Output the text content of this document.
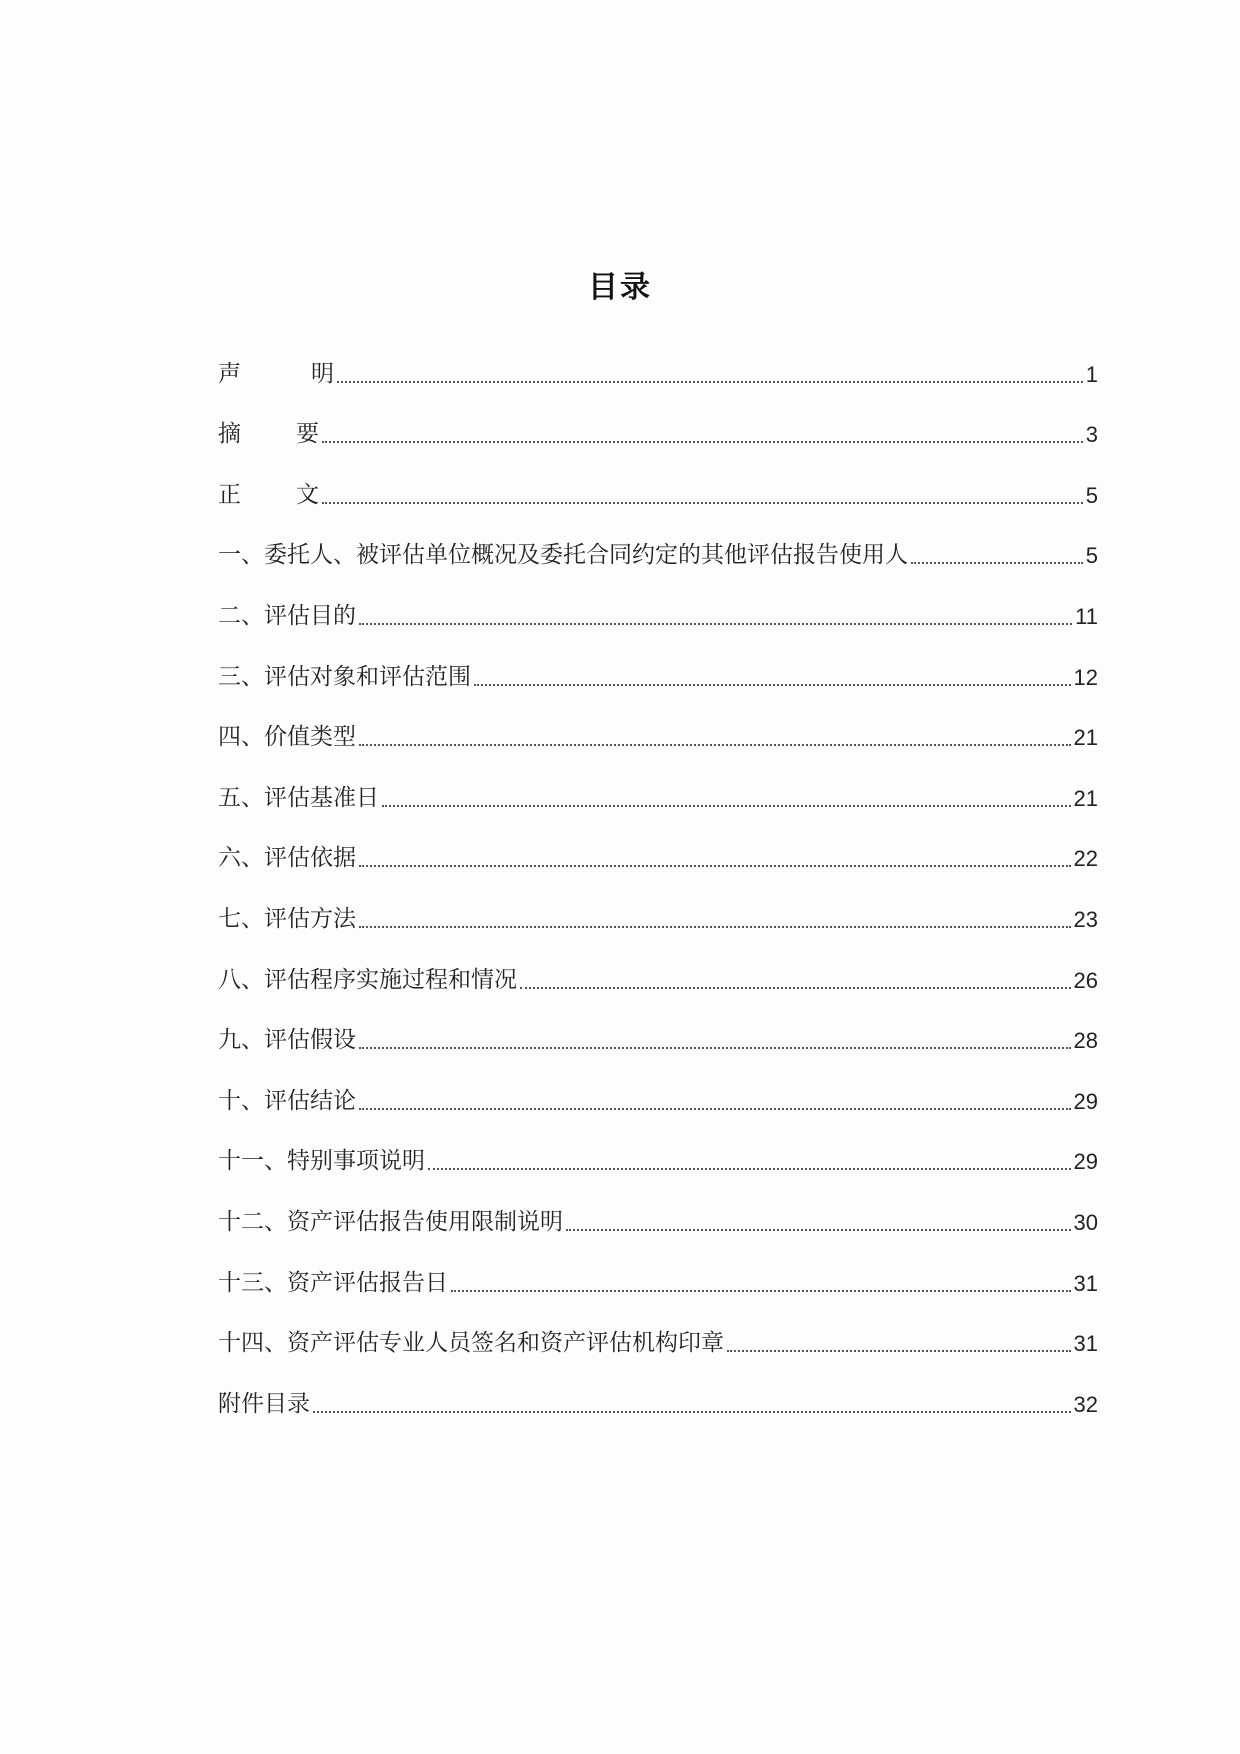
目录
声	明	1
摘 要	3
正 文	5
一、委托人、被评估单位概况及委托合同约定的其他评估报告使用人	5
二、评估目的	11
三、评估对象和评估范围	12
四、价值类型	21
五、评估基准日	21
六、评估依据	22
七、评估方法	23
八、评估程序实施过程和情况	26
九、评估假设	28
十、评估结论	29
十一、特别事项说明	29
十二、资产评估报告使用限制说明	30
十三、资产评估报告日	31
十四、资产评估专业人员签名和资产评估机构印章	31
附件目录	32
